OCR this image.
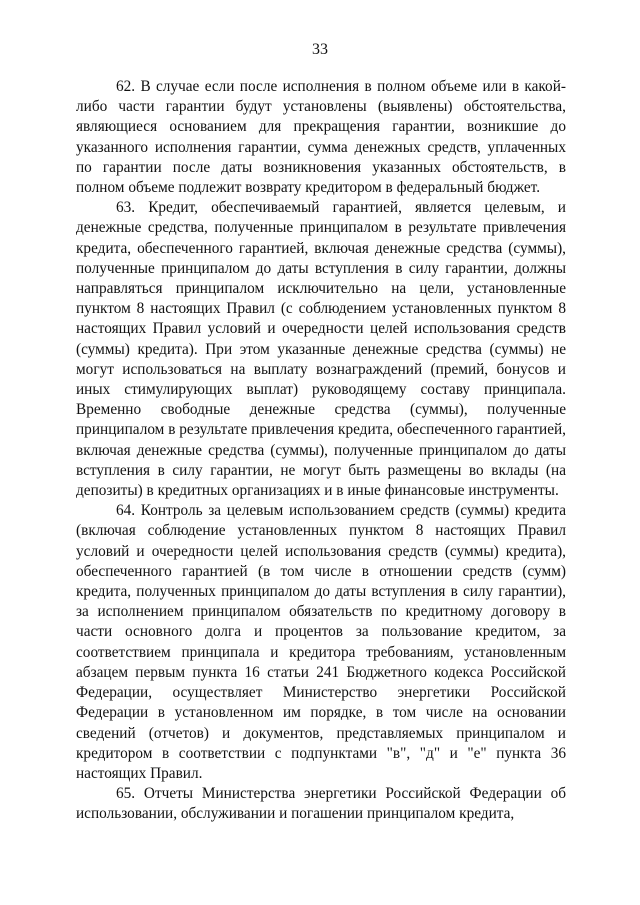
33

62. В случае если после исполнения в полном объеме или в какой-либо части гарантии будут установлены (выявлены) обстоятельства, являющиеся основанием для прекращения гарантии, возникшие до указанного исполнения гарантии, сумма денежных средств, уплаченных по гарантии после даты возникновения указанных обстоятельств, в полном объеме подлежит возврату кредитором в федеральный бюджет.

63. Кредит, обеспечиваемый гарантией, является целевым, и денежные средства, полученные принципалом в результате привлечения кредита, обеспеченного гарантией, включая денежные средства (суммы), полученные принципалом до даты вступления в силу гарантии, должны направляться принципалом исключительно на цели, установленные пунктом 8 настоящих Правил (с соблюдением установленных пунктом 8 настоящих Правил условий и очередности целей использования средств (суммы) кредита). При этом указанные денежные средства (суммы) не могут использоваться на выплату вознаграждений (премий, бонусов и иных стимулирующих выплат) руководящему составу принципала. Временно свободные денежные средства (суммы), полученные принципалом в результате привлечения кредита, обеспеченного гарантией, включая денежные средства (суммы), полученные принципалом до даты вступления в силу гарантии, не могут быть размещены во вклады (на депозиты) в кредитных организациях и в иные финансовые инструменты.

64. Контроль за целевым использованием средств (суммы) кредита (включая соблюдение установленных пунктом 8 настоящих Правил условий и очередности целей использования средств (суммы) кредита), обеспеченного гарантией (в том числе в отношении средств (сумм) кредита, полученных принципалом до даты вступления в силу гарантии), за исполнением принципалом обязательств по кредитному договору в части основного долга и процентов за пользование кредитом, за соответствием принципала и кредитора требованиям, установленным абзацем первым пункта 16 статьи 241 Бюджетного кодекса Российской Федерации, осуществляет Министерство энергетики Российской Федерации в установленном им порядке, в том числе на основании сведений (отчетов) и документов, представляемых принципалом и кредитором в соответствии с подпунктами "в", "д" и "е" пункта 36 настоящих Правил.

65. Отчеты Министерства энергетики Российской Федерации об использовании, обслуживании и погашении принципалом кредита,
